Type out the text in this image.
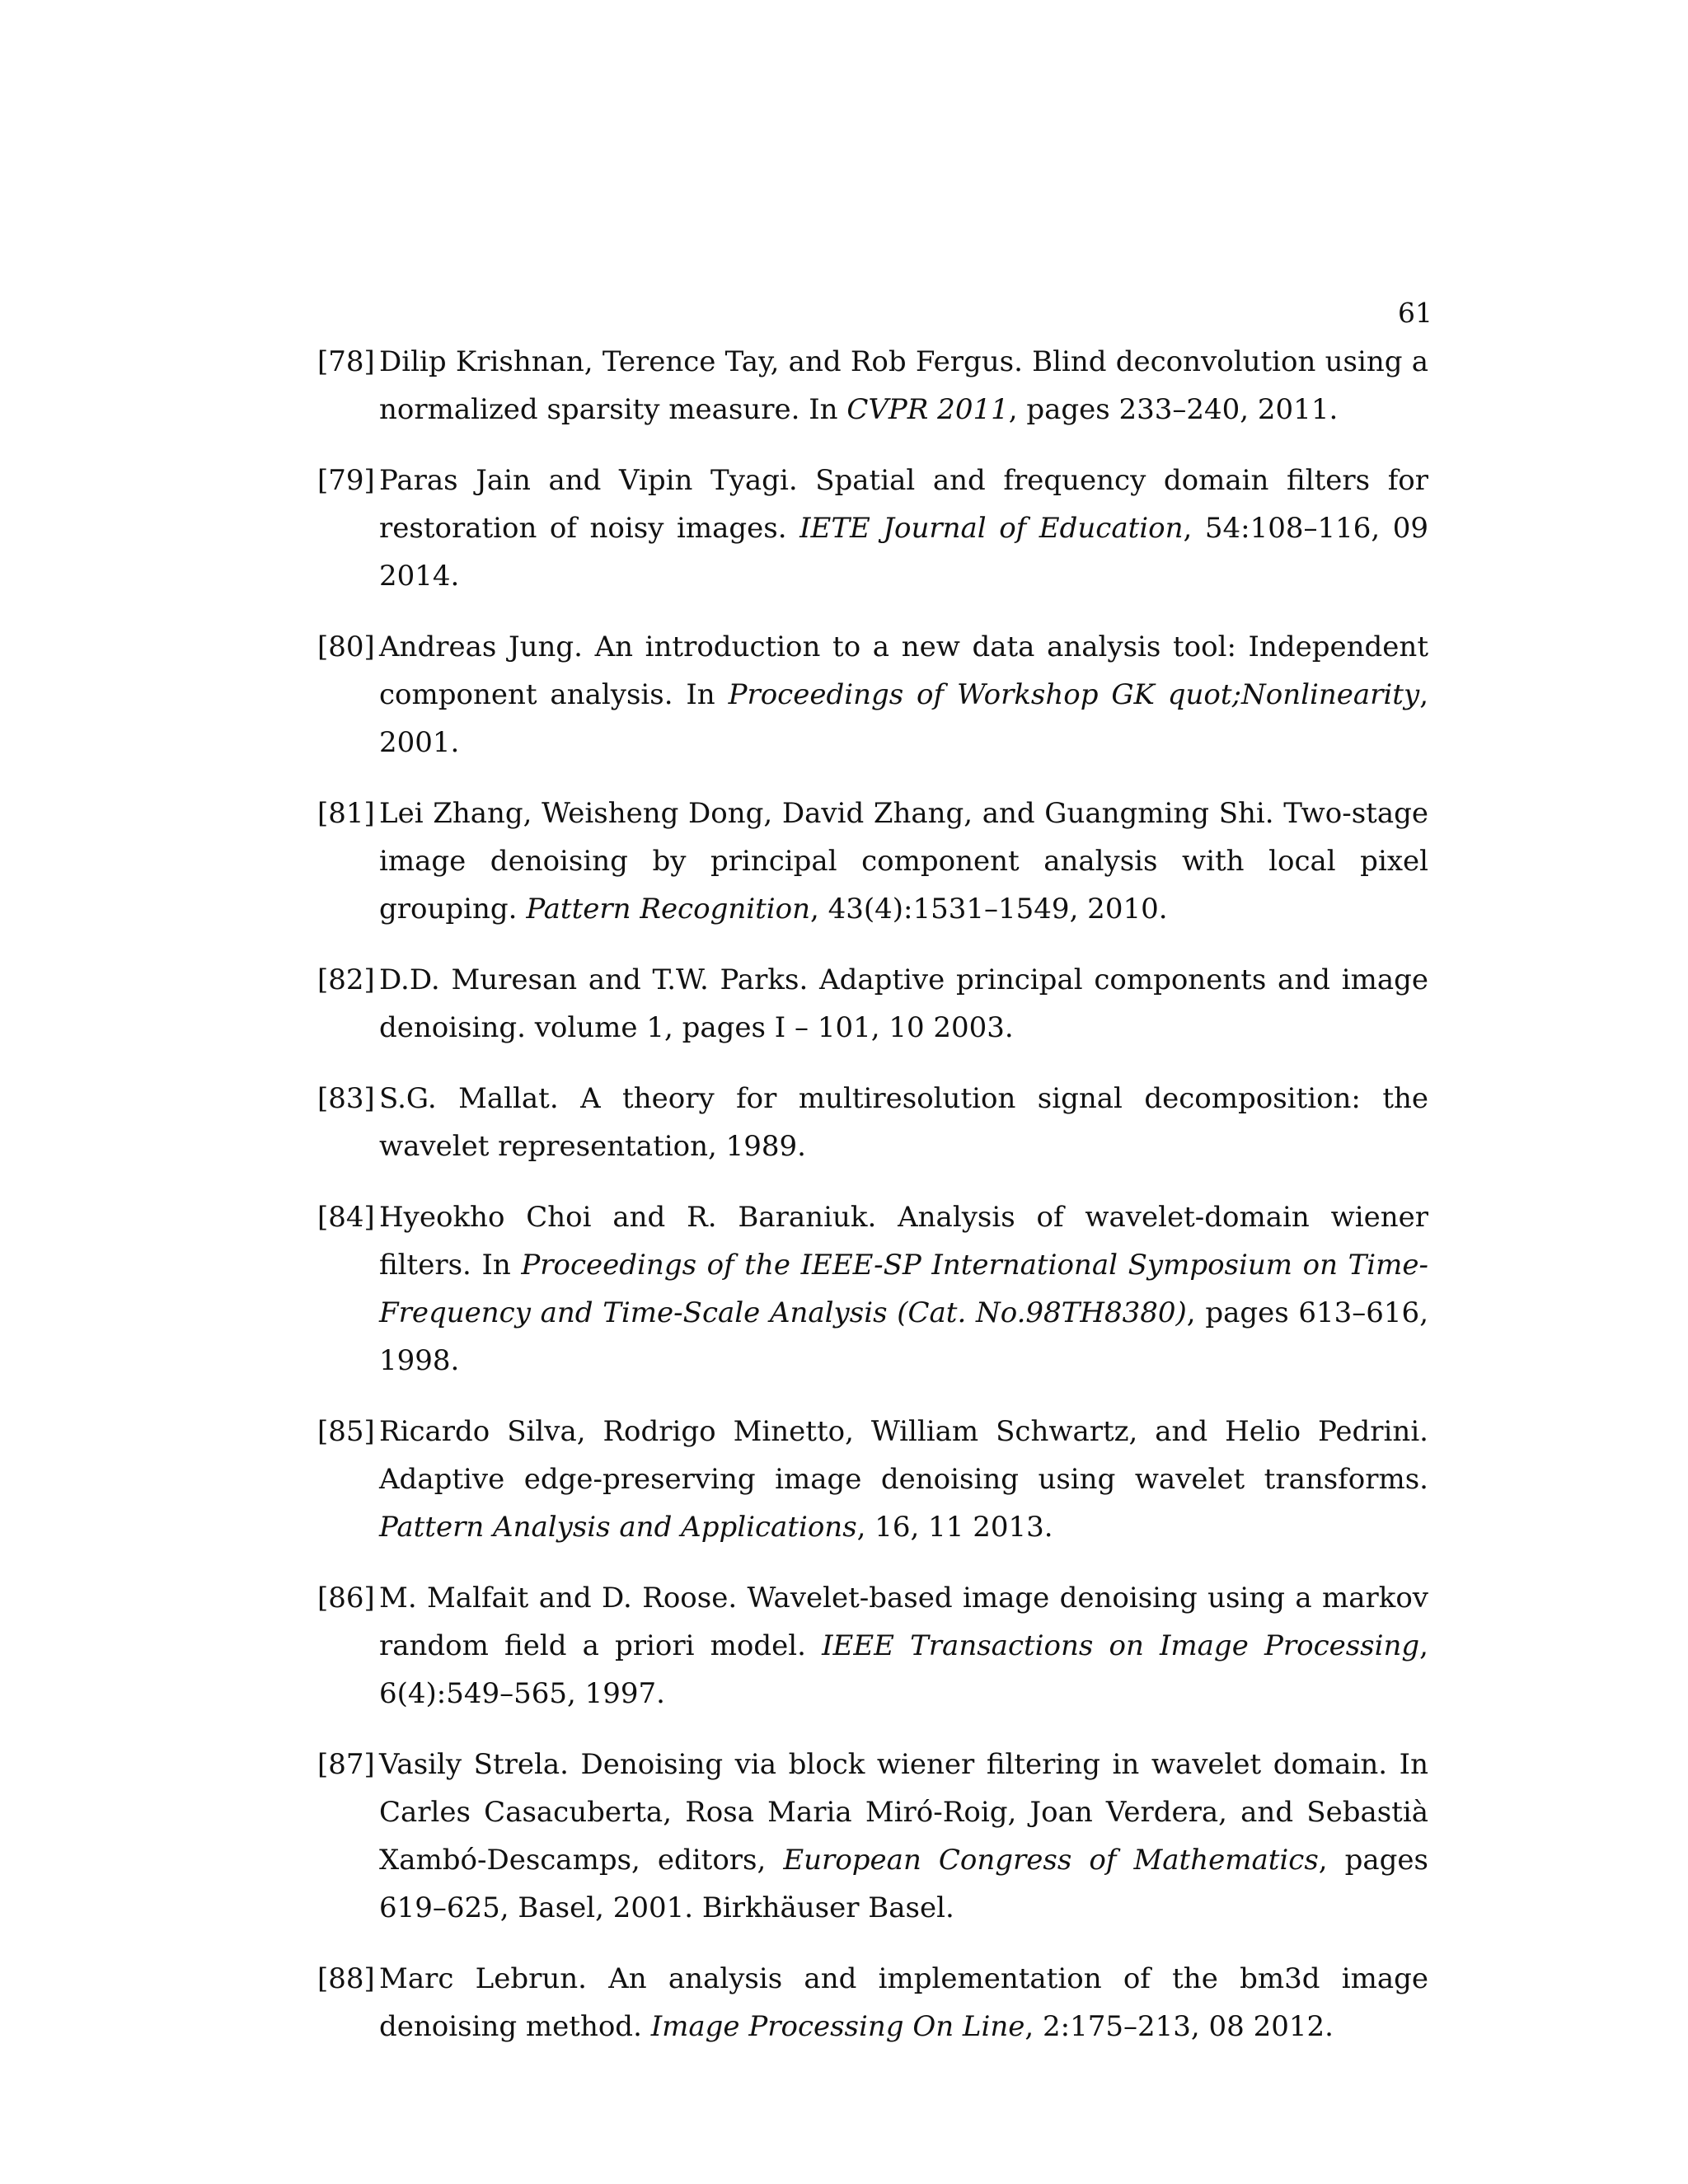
61
[78] Dilip Krishnan, Terence Tay, and Rob Fergus. Blind deconvolution using a normalized sparsity measure. In CVPR 2011, pages 233–240, 2011.
[79] Paras Jain and Vipin Tyagi. Spatial and frequency domain filters for restoration of noisy images. IETE Journal of Education, 54:108–116, 09 2014.
[80] Andreas Jung. An introduction to a new data analysis tool: Independent component analysis. In Proceedings of Workshop GK quot;Nonlinearity, 2001.
[81] Lei Zhang, Weisheng Dong, David Zhang, and Guangming Shi. Two-stage image denoising by principal component analysis with local pixel grouping. Pattern Recognition, 43(4):1531–1549, 2010.
[82] D.D. Muresan and T.W. Parks. Adaptive principal components and image denoising. volume 1, pages I – 101, 10 2003.
[83] S.G. Mallat. A theory for multiresolution signal decomposition: the wavelet representation, 1989.
[84] Hyeokho Choi and R. Baraniuk. Analysis of wavelet-domain wiener filters. In Proceedings of the IEEE-SP International Symposium on Time-Frequency and Time-Scale Analysis (Cat. No.98TH8380), pages 613–616, 1998.
[85] Ricardo Silva, Rodrigo Minetto, William Schwartz, and Helio Pedrini. Adaptive edge-preserving image denoising using wavelet transforms. Pattern Analysis and Applications, 16, 11 2013.
[86] M. Malfait and D. Roose. Wavelet-based image denoising using a markov random field a priori model. IEEE Transactions on Image Processing, 6(4):549–565, 1997.
[87] Vasily Strela. Denoising via block wiener filtering in wavelet domain. In Carles Casacuberta, Rosa Maria Miró-Roig, Joan Verdera, and Sebastià Xambó-Descamps, editors, European Congress of Mathematics, pages 619–625, Basel, 2001. Birkhäuser Basel.
[88] Marc Lebrun. An analysis and implementation of the bm3d image denoising method. Image Processing On Line, 2:175–213, 08 2012.
